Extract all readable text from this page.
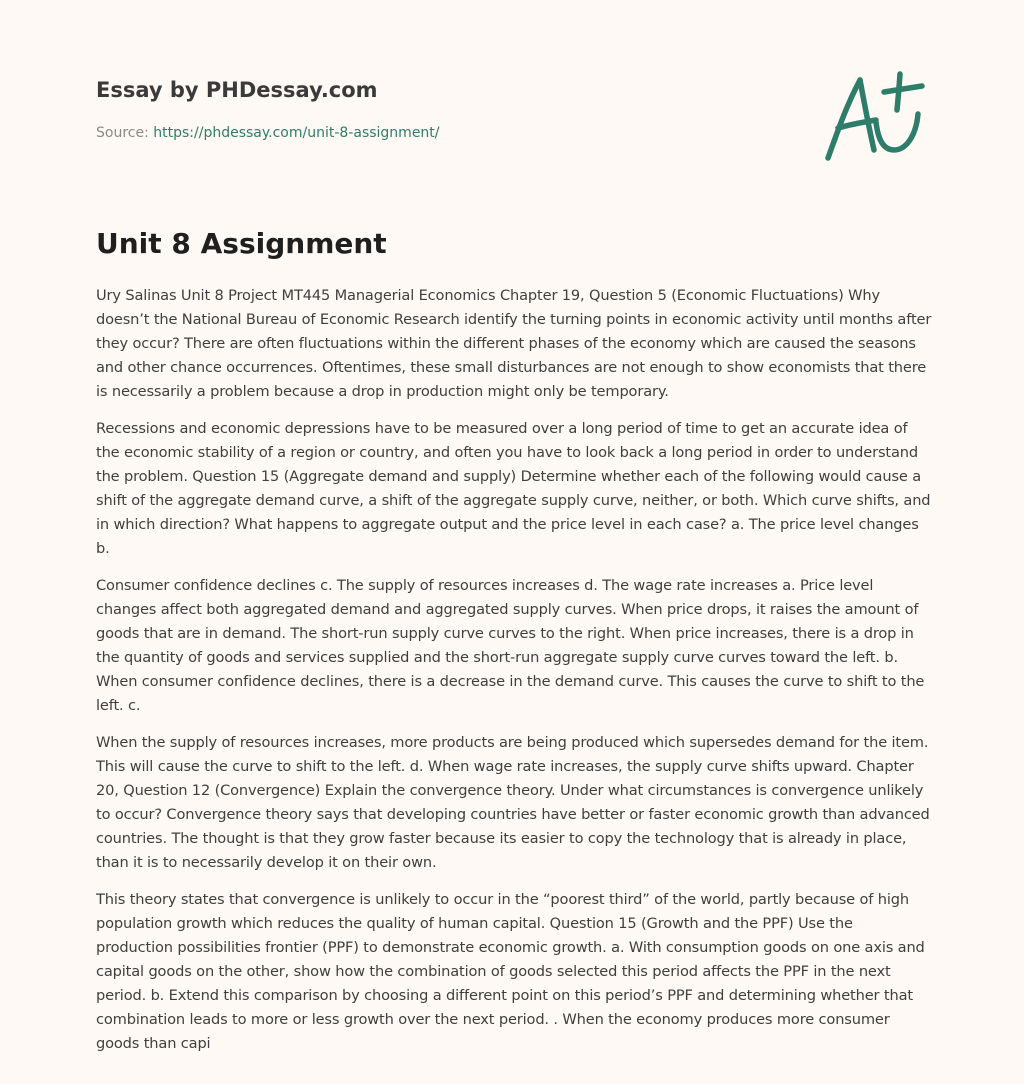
Essay by PHDessay.com
Source: https://phdessay.com/unit-8-assignment/
Unit 8 Assignment

Ury Salinas Unit 8 Project MT445 Managerial Economics Chapter 19, Question 5 (Economic Fluctuations) Why doesn’t the National Bureau of Economic Research identify the turning points in economic activity until months after they occur? There are often fluctuations within the different phases of the economy which are caused the seasons and other chance occurrences. Oftentimes, these small disturbances are not enough to show economists that there is necessarily a problem because a drop in production might only be temporary.

Recessions and economic depressions have to be measured over a long period of time to get an accurate idea of the economic stability of a region or country, and often you have to look back a long period in order to understand the problem. Question 15 (Aggregate demand and supply) Determine whether each of the following would cause a shift of the aggregate demand curve, a shift of the aggregate supply curve, neither, or both. Which curve shifts, and in which direction? What happens to aggregate output and the price level in each case? a. The price level changes b.

Consumer confidence declines c. The supply of resources increases d. The wage rate increases a. Price level changes affect both aggregated demand and aggregated supply curves. When price drops, it raises the amount of goods that are in demand. The short-run supply curve curves to the right. When price increases, there is a drop in the quantity of goods and services supplied and the short-run aggregate supply curve curves toward the left. b. When consumer confidence declines, there is a decrease in the demand curve. This causes the curve to shift to the left. c.

When the supply of resources increases, more products are being produced which supersedes demand for the item. This will cause the curve to shift to the left. d. When wage rate increases, the supply curve shifts upward. Chapter 20, Question 12 (Convergence) Explain the convergence theory. Under what circumstances is convergence unlikely to occur? Convergence theory says that developing countries have better or faster economic growth than advanced countries. The thought is that they grow faster because its easier to copy the technology that is already in place, than it is to necessarily develop it on their own.

This theory states that convergence is unlikely to occur in the “poorest third” of the world, partly because of high population growth which reduces the quality of human capital. Question 15 (Growth and the PPF) Use the production possibilities frontier (PPF) to demonstrate economic growth. a. With consumption goods on one axis and capital goods on the other, show how the combination of goods selected this period affects the PPF in the next period. b. Extend this comparison by choosing a different point on this period’s PPF and determining whether that combination leads to more or less growth over the next period. . When the economy produces more consumer goods than capi
